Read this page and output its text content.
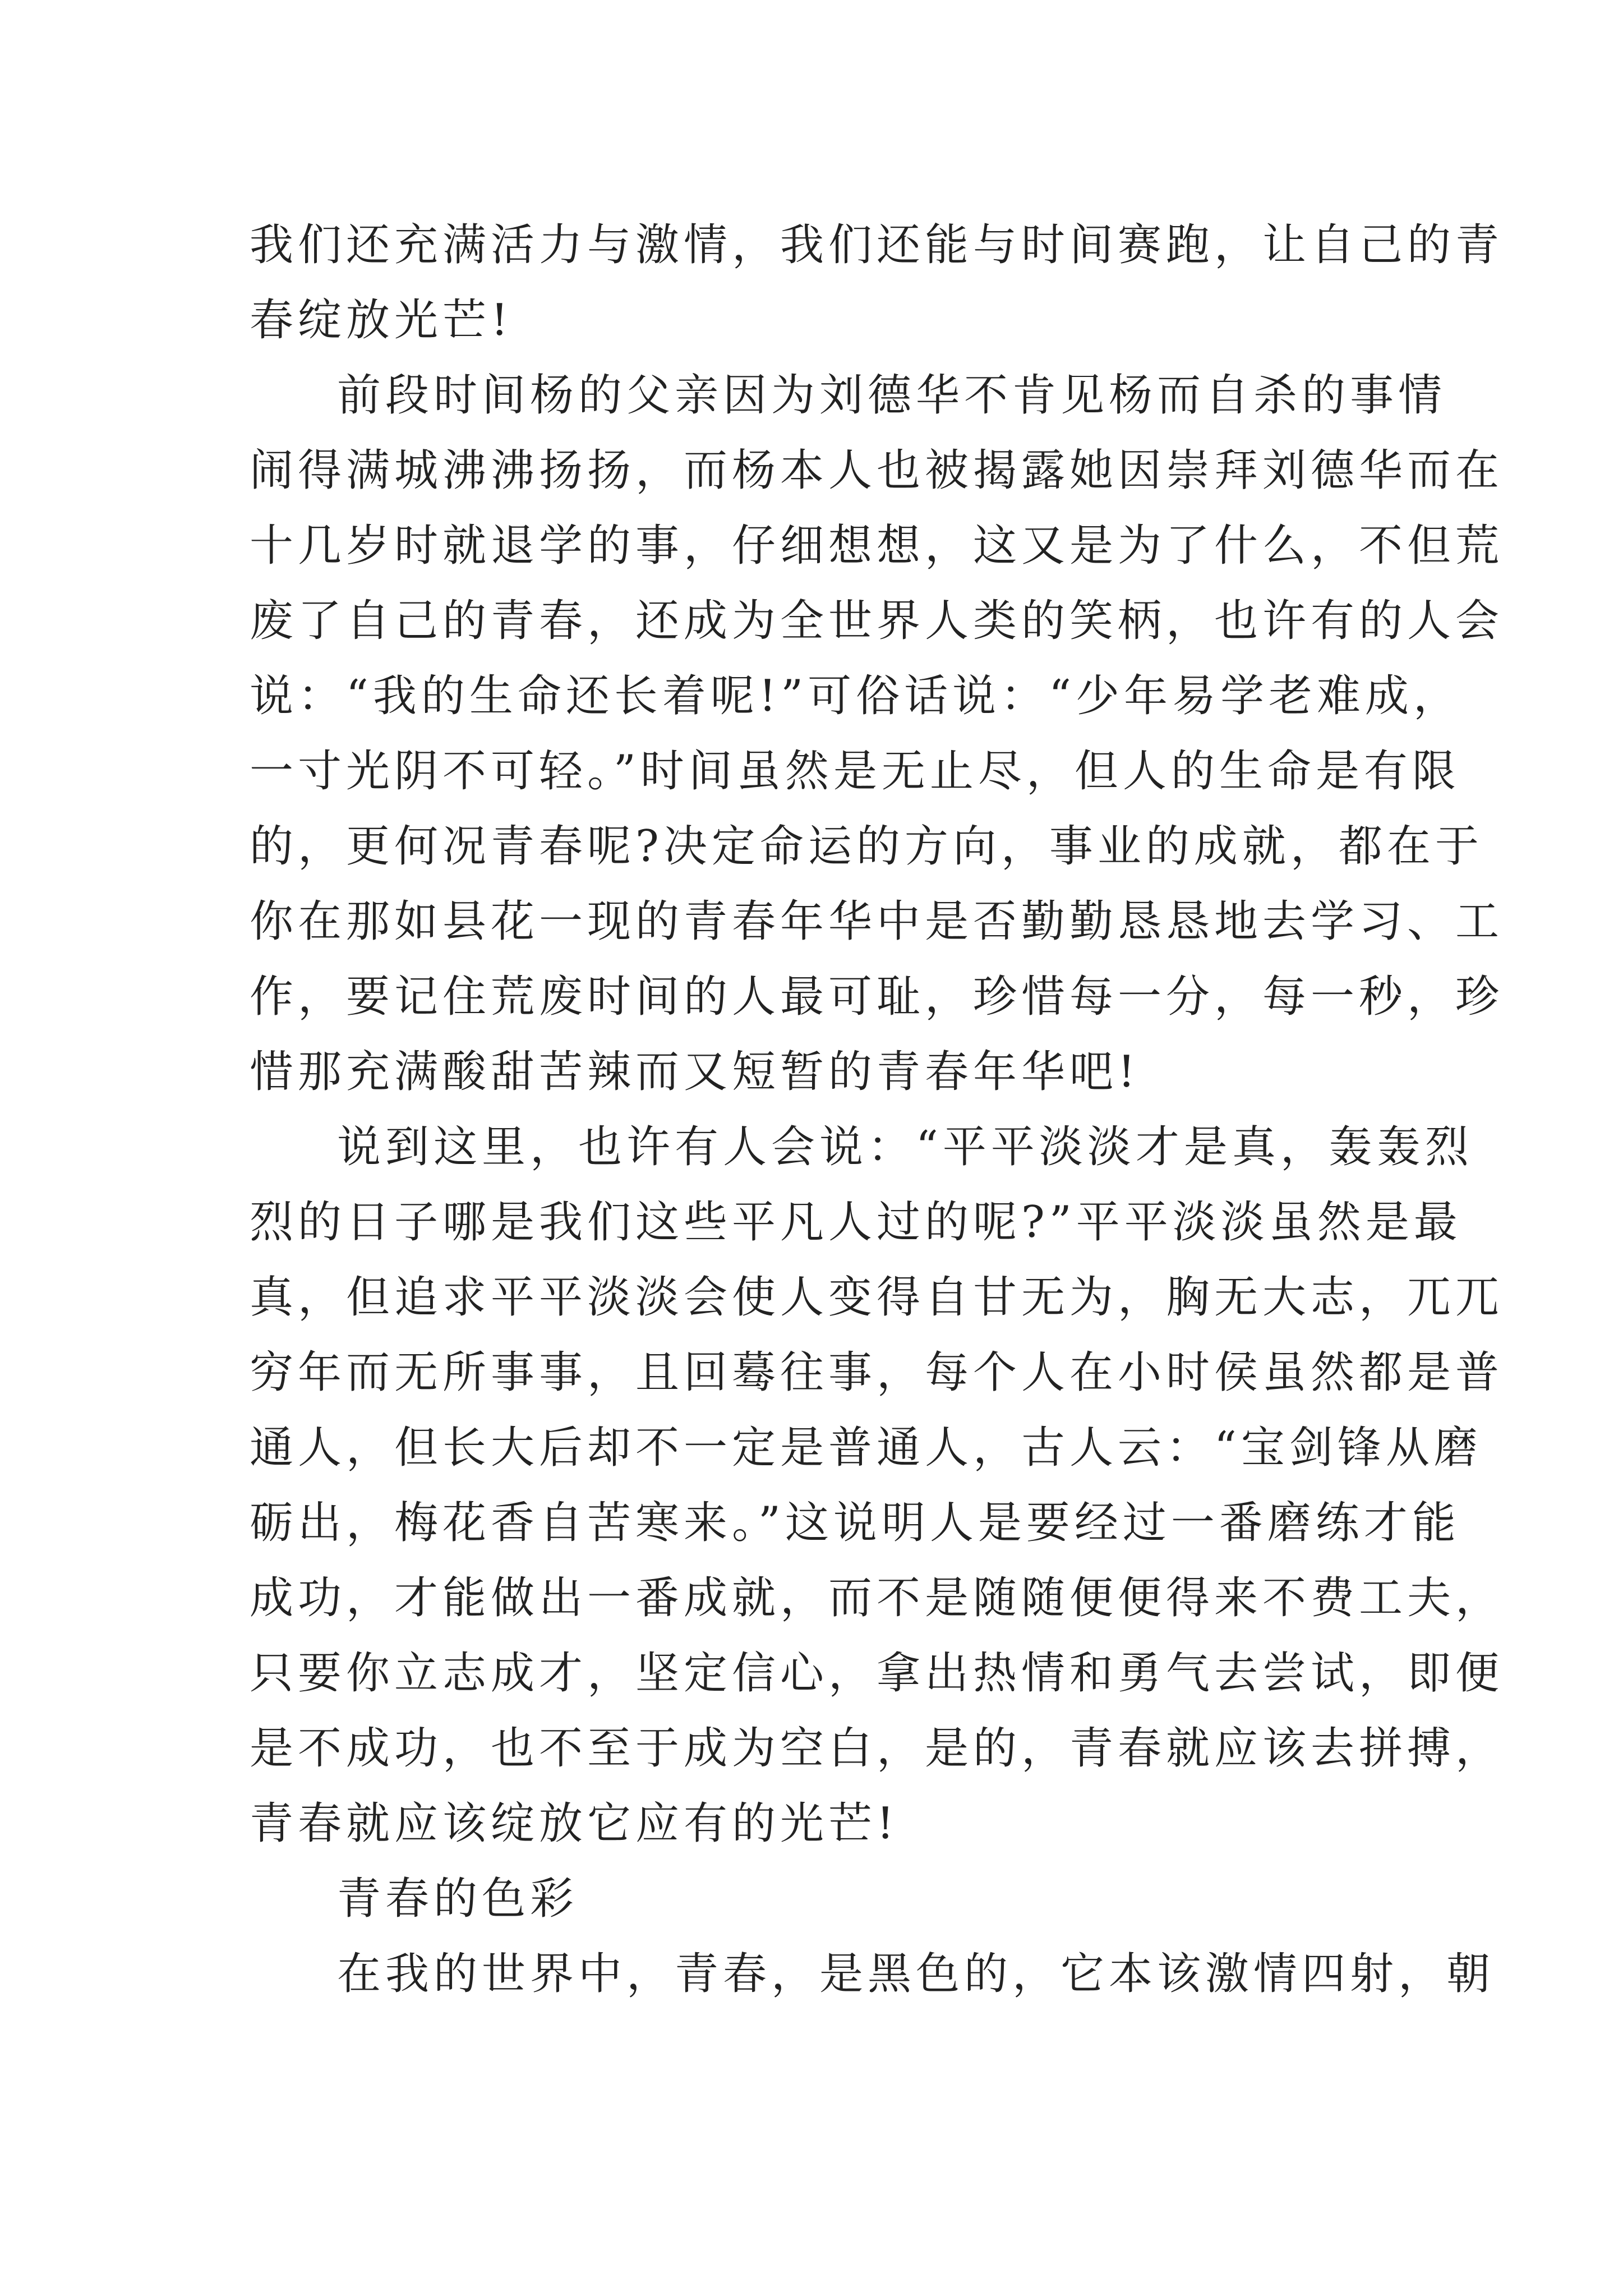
我们还充满活力与激情，我们还能与时间赛跑，让自己的青
春绽放光芒!
前段时间杨的父亲因为刘德华不肯见杨而自杀的事情
闹得满城沸沸扬扬，而杨本人也被揭露她因崇拜刘德华而在
十几岁时就退学的事，仔细想想，这又是为了什么，不但荒
废了自己的青春，还成为全世界人类的笑柄，也许有的人会
说：“我的生命还长着呢!”可俗话说：“少年易学老难成，
一寸光阴不可轻。”时间虽然是无止尽，但人的生命是有限
的，更何况青春呢?决定命运的方向，事业的成就，都在于
你在那如县花一现的青春年华中是否勤勤恳恳地去学习、工
作，要记住荒废时间的人最可耻，珍惜每一分，每一秒，珍
惜那充满酸甜苦辣而又短暂的青春年华吧!
说到这里，也许有人会说：“平平淡淡才是真，轰轰烈
烈的日子哪是我们这些平凡人过的呢?”平平淡淡虽然是最
真，但追求平平淡淡会使人变得自甘无为，胸无大志，兀兀
穷年而无所事事，且回蓦往事，每个人在小时侯虽然都是普
通人，但长大后却不一定是普通人，古人云：“宝剑锋从磨
砺出，梅花香自苦寒来。”这说明人是要经过一番磨练才能
成功，才能做出一番成就，而不是随随便便得来不费工夫，
只要你立志成才，坚定信心，拿出热情和勇气去尝试，即便
是不成功，也不至于成为空白，是的，青春就应该去拼搏，
青春就应该绽放它应有的光芒!
青春的色彩
在我的世界中，青春，是黑色的，它本该激情四射，朝
